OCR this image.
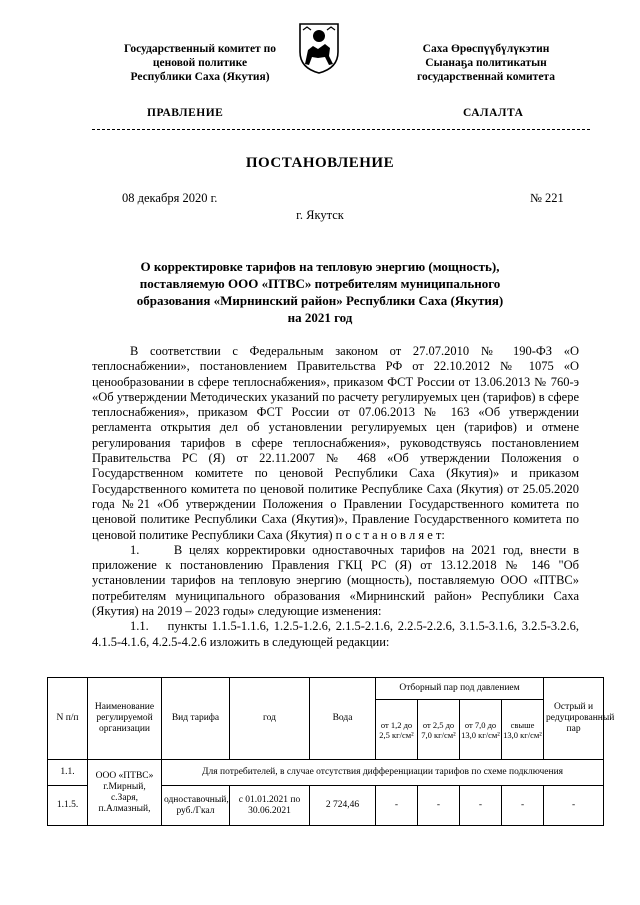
Государственный комитет по
ценовой политике
Республики Саха (Якутия)
Саха Өрөспүүбүлүкэтин
Сыанаҕа политикатын
государственнай комитета
ПРАВЛЕНИЕ	САЛАЛТА
ПОСТАНОВЛЕНИЕ
08 декабря 2020 г.	№ 221
г. Якутск
О корректировке тарифов на тепловую энергию (мощность), поставляемую ООО «ПТВС» потребителям муниципального образования «Мирнинский район» Республики Саха (Якутия) на 2021 год

В соответствии с Федеральным законом от 27.07.2010 № 190-ФЗ «О теплоснабжении», постановлением Правительства РФ от 22.10.2012 № 1075 «О ценообразовании в сфере теплоснабжения», приказом ФСТ России от 13.06.2013 № 760-э «Об утверждении Методических указаний по расчету регулируемых цен (тарифов) в сфере теплоснабжения», приказом ФСТ России от 07.06.2013 № 163 «Об утверждении регламента открытия дел об установлении регулируемых цен (тарифов) и отмене регулирования тарифов в сфере теплоснабжения», руководствуясь постановлением Правительства РС (Я) от 22.11.2007 № 468 «Об утверждении Положения о Государственном комитете по ценовой Республики Саха (Якутия)» и приказом Государственного комитета по ценовой политике Республике Саха (Якутия) от 25.05.2020 года №21 «Об утверждении Положения о Правлении Государственного комитета по ценовой политике Республики Саха (Якутия)», Правление Государственного комитета по ценовой политике Республики Саха (Якутия) п о с т а н о в л я е т:

1.	В целях корректировки одноставочных тарифов на 2021 год, внести в приложение к постановлению Правления ГКЦ РС (Я) от 13.12.2018 № 146 "Об установлении тарифов на тепловую энергию (мощность), поставляемую ООО «ПТВС» потребителям муниципального образования «Мирнинский район» Республики Саха (Якутия) на 2019 – 2023 годы» следующие изменения:

1.1. пункты 1.1.5-1.1.6, 1.2.5-1.2.6, 2.1.5-2.1.6, 2.2.5-2.2.6, 3.1.5-3.1.6, 3.2.5-3.2.6, 4.1.5-4.1.6, 4.2.5-4.2.6 изложить в следующей редакции:

N п/п	Наименование регулируемой организации	Вид тарифа	год	Вода	Отборный пар под давлением				Острый и редуцированный пар
					от 1,2 до 2,5 кг/см²	от 2,5 до 7,0 кг/см²	от 7,0 до 13,0 кг/см²	свыше 13,0 кг/см²	
1.1.	ООО «ПТВС» г.Мирный, с.Заря, п.Алмазный,	Для потребителей, в случае отсутствия дифференциации тарифов по схеме подключения							
1.1.5.		одноставочный, руб./Гкал	с 01.01.2021 по 30.06.2021	2 724,46	-	-	-	-	-
